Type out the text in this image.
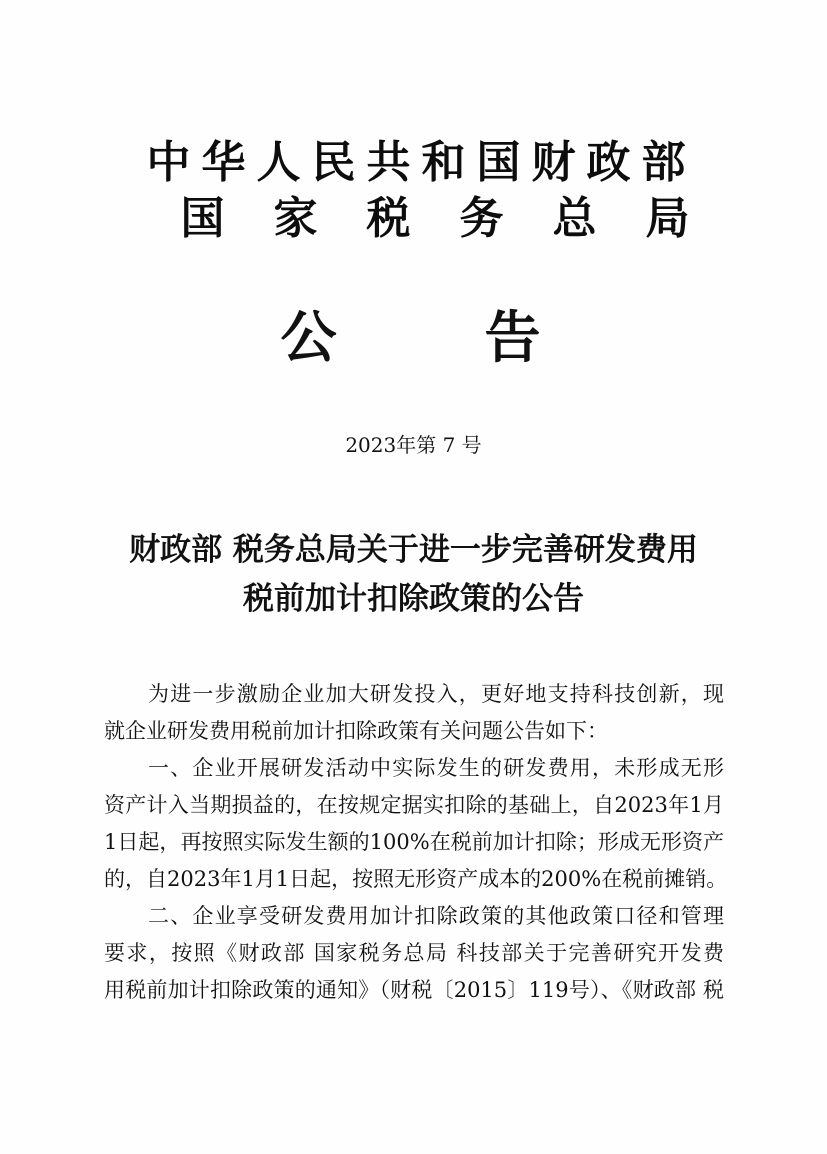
中华人民共和国财政部
国家税务总局
公告
2023年第 7 号
财政部 税务总局关于进一步完善研发费用
税前加计扣除政策的公告
为进一步激励企业加大研发投入，更好地支持科技创新，现
就企业研发费用税前加计扣除政策有关问题公告如下：
一、企业开展研发活动中实际发生的研发费用，未形成无形
资产计入当期损益的，在按规定据实扣除的基础上，自2023年1月
1日起，再按照实际发生额的100%在税前加计扣除；形成无形资产
的，自2023年1月1日起，按照无形资产成本的200%在税前摊销。
二、企业享受研发费用加计扣除政策的其他政策口径和管理
要求，按照《财政部 国家税务总局 科技部关于完善研究开发费
用税前加计扣除政策的通知》（财税〔2015〕119号）、《财政部 税
